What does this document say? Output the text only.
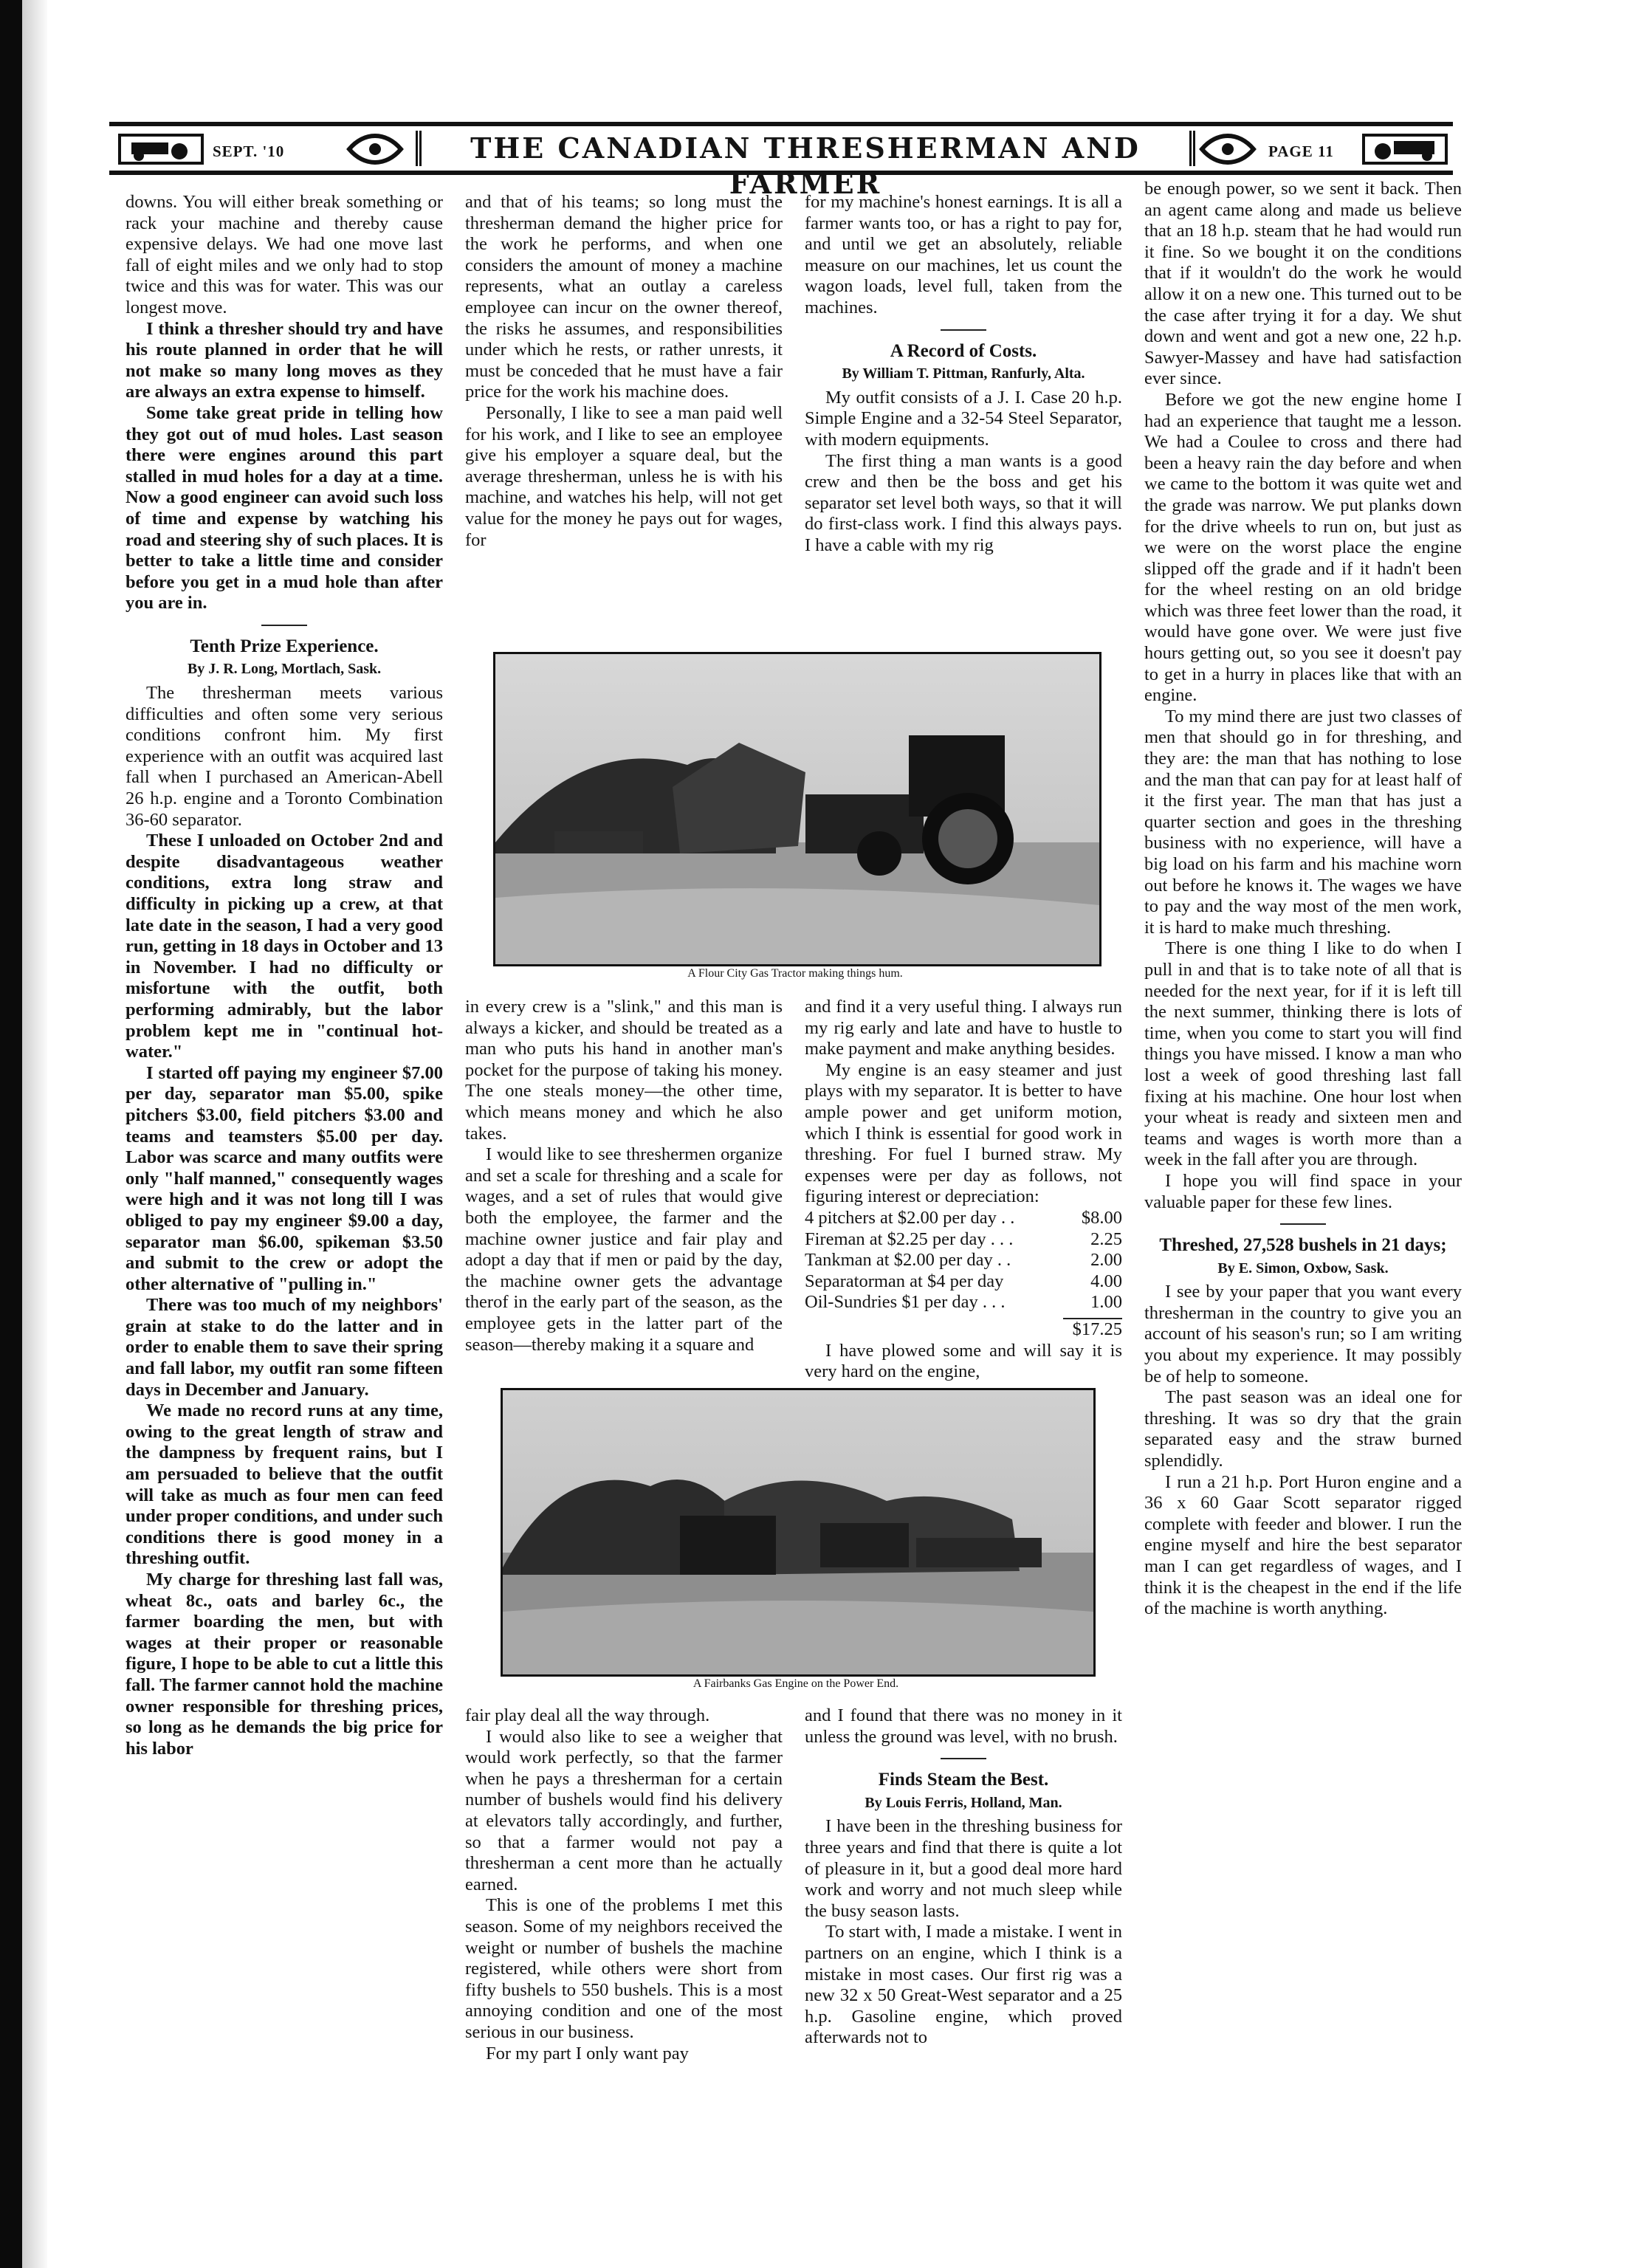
SEPT. '10	THE CANADIAN THRESHERMAN AND FARMER
PAGE 11

downs. You will either break something or rack your machine and thereby cause expensive delays. We had one move last fall of eight miles and we only had to stop twice and this was for water. This was our longest move.

I think a thresher should try and have his route planned in order that he will not make so many long moves as they are always an extra expense to himself.

Some take great pride in telling how they got out of mud holes. Last season there were engines around this part stalled in mud holes for a day at a time. Now a good engineer can avoid such loss of time and expense by watching his road and steering shy of such places. It is better to take a little time and consider before you get in a mud hole than after you are in.

Tenth Prize Experience.
By J. R. Long, Mortlach, Sask.

The thresherman meets various difficulties and often some very serious conditions confront him. My first experience with an outfit was acquired last fall when I purchased an American-Abell 26 h.p. engine and a Toronto Combination 36-60 separator.

These I unloaded on October 2nd and despite disadvantageous weather conditions, extra long straw and difficulty in picking up a crew, at that late date in the season, I had a very good run, getting in 18 days in October and 13 in November. I had no difficulty or misfortune with the outfit, both performing admirably, but the labor problem kept me in "continual hot-water."

I started off paying my engineer $7.00 per day, separator man $5.00, spike pitchers $3.00, field pitchers $3.00 and teams and teamsters $5.00 per day. Labor was scarce and many outfits were only "half manned," consequently wages were high and it was not long till I was obliged to pay my engineer $9.00 a day, separator man $6.00, spikeman $3.50 and submit to the crew or adopt the other alternative of "pulling in."

There was too much of my neighbors' grain at stake to do the latter and in order to enable them to save their spring and fall labor, my outfit ran some fifteen days in December and January.

We made no record runs at any time, owing to the great length of straw and the dampness by frequent rains, but I am persuaded to believe that the outfit will take as much as four men can feed under proper conditions, and under such conditions there is good money in a threshing outfit.

My charge for threshing last fall was, wheat 8c., oats and barley 6c., the farmer boarding the men, but with wages at their proper or reasonable figure, I hope to be able to cut a little this fall. The farmer cannot hold the machine owner responsible for threshing prices, so long as he demands the big price for his labor

and that of his teams; so long must the thresherman demand the higher price for the work he performs, and when one considers the amount of money a machine represents, what an outlay a careless employee can incur on the owner thereof, the risks he assumes, and responsibilities under which he rests, or rather unrests, it must be conceded that he must have a fair price for the work his machine does.

Personally, I like to see a man paid well for his work, and I like to see an employee give his employer a square deal, but the average thresherman, unless he is with his machine, and watches his help, will not get value for the money he pays out for wages, for

for my machine's honest earnings. It is all a farmer wants too, or has a right to pay for, and until we get an absolutely, reliable measure on our machines, let us count the wagon loads, level full, taken from the machines.

A Record of Costs.
By William T. Pittman, Ranfurly, Alta.

My outfit consists of a J. I. Case 20 h.p. Simple Engine and a 32-54 Steel Separator, with modern equipments.

The first thing a man wants is a good crew and then be the boss and get his separator set level both ways, so that it will do first-class work. I find this always pays. I have a cable with my rig

A Flour City Gas Tractor making things hum.

in every crew is a "slink," and this man is always a kicker, and should be treated as a man who puts his hand in another man's pocket for the purpose of taking his money. The one steals money—the other time, which means money and which he also takes.

I would like to see threshermen organize and set a scale for threshing and a scale for wages, and a set of rules that would give both the employee, the farmer and the machine owner justice and fair play and adopt a day that if men or paid by the day, the machine owner gets the advantage therof in the early part of the season, as the employee gets in the latter part of the season—thereby making it a square and

and find it a very useful thing. I always run my rig early and late and have to hustle to make payment and make anything besides.

My engine is an easy steamer and just plays with my separator. It is better to have ample power and get uniform motion, which I think is essential for good work in threshing. For fuel I burned straw. My expenses were per day as follows, not figuring interest or depreciation:

4 pitchers at $2.00 per day . .	$8.00
Fireman at $2.25 per day . . .	2.25
Tankman at $2.00 per day . .	2.00
Separatorman at $4 per day	4.00
Oil-Sundries $1 per day . . .	1.00
$17.25

I have plowed some and will say it is very hard on the engine,

A Fairbanks Gas Engine on the Power End.

fair play deal all the way through.

I would also like to see a weigher that would work perfectly, so that the farmer when he pays a thresherman for a certain number of bushels would find his delivery at elevators tally accordingly, and further, so that a farmer would not pay a thresherman a cent more than he actually earned.

This is one of the problems I met this season. Some of my neighbors received the weight or number of bushels the machine registered, while others were short from fifty bushels to 550 bushels. This is a most annoying condition and one of the most serious in our business.

For my part I only want pay

and I found that there was no money in it unless the ground was level, with no brush.

Finds Steam the Best.
By Louis Ferris, Holland, Man.

I have been in the threshing business for three years and find that there is quite a lot of pleasure in it, but a good deal more hard work and worry and not much sleep while the busy season lasts.

To start with, I made a mistake. I went in partners on an engine, which I think is a mistake in most cases. Our first rig was a new 32 x 50 Great-West separator and a 25 h.p. Gasoline engine, which proved afterwards not to

be enough power, so we sent it back. Then an agent came along and made us believe that an 18 h.p. steam that he had would run it fine. So we bought it on the conditions that if it wouldn't do the work he would allow it on a new one. This turned out to be the case after trying it for a day. We shut down and went and got a new one, 22 h.p. Sawyer-Massey and have had satisfaction ever since.

Before we got the new engine home I had an experience that taught me a lesson. We had a Coulee to cross and there had been a heavy rain the day before and when we came to the bottom it was quite wet and the grade was narrow. We put planks down for the drive wheels to run on, but just as we were on the worst place the engine slipped off the grade and if it hadn't been for the wheel resting on an old bridge which was three feet lower than the road, it would have gone over. We were just five hours getting out, so you see it doesn't pay to get in a hurry in places like that with an engine.

To my mind there are just two classes of men that should go in for threshing, and they are: the man that has nothing to lose and the man that can pay for at least half of it the first year. The man that has just a quarter section and goes in the threshing business with no experience, will have a big load on his farm and his machine worn out before he knows it. The wages we have to pay and the way most of the men work, it is hard to make much threshing.

There is one thing I like to do when I pull in and that is to take note of all that is needed for the next year, for if it is left till the next summer, thinking there is lots of time, when you come to start you will find things you have missed. I know a man who lost a week of good threshing last fall fixing at his machine. One hour lost when your wheat is ready and sixteen men and teams and wages is worth more than a week in the fall after you are through.

I hope you will find space in your valuable paper for these few lines.

Threshed, 27,528 bushels in 21 days;
By E. Simon, Oxbow, Sask.

I see by your paper that you want every thresherman in the country to give you an account of his season's run; so I am writing you about my experience. It may possibly be of help to someone.

The past season was an ideal one for threshing. It was so dry that the grain separated easy and the straw burned splendidly.

I run a 21 h.p. Port Huron engine and a 36 x 60 Gaar Scott separator rigged complete with feeder and blower. I run the engine myself and hire the best separator man I can get regardless of wages, and I think it is the cheapest in the end if the life of the machine is worth anything.
